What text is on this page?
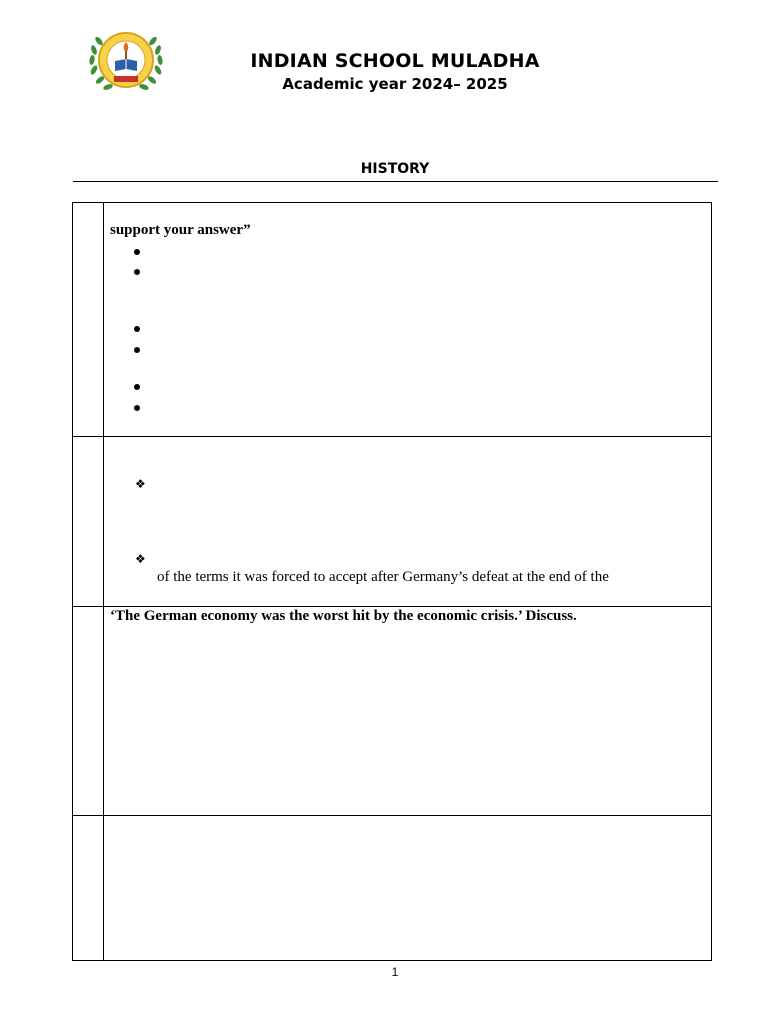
INDIAN SCHOOL MULADHA
Academic year 2024– 2025
HISTORY
support your answer”
❖
❖
of the terms it was forced to accept after Germany’s defeat at the end of the
‘The German economy was the worst hit by the economic crisis.’ Discuss.
1
